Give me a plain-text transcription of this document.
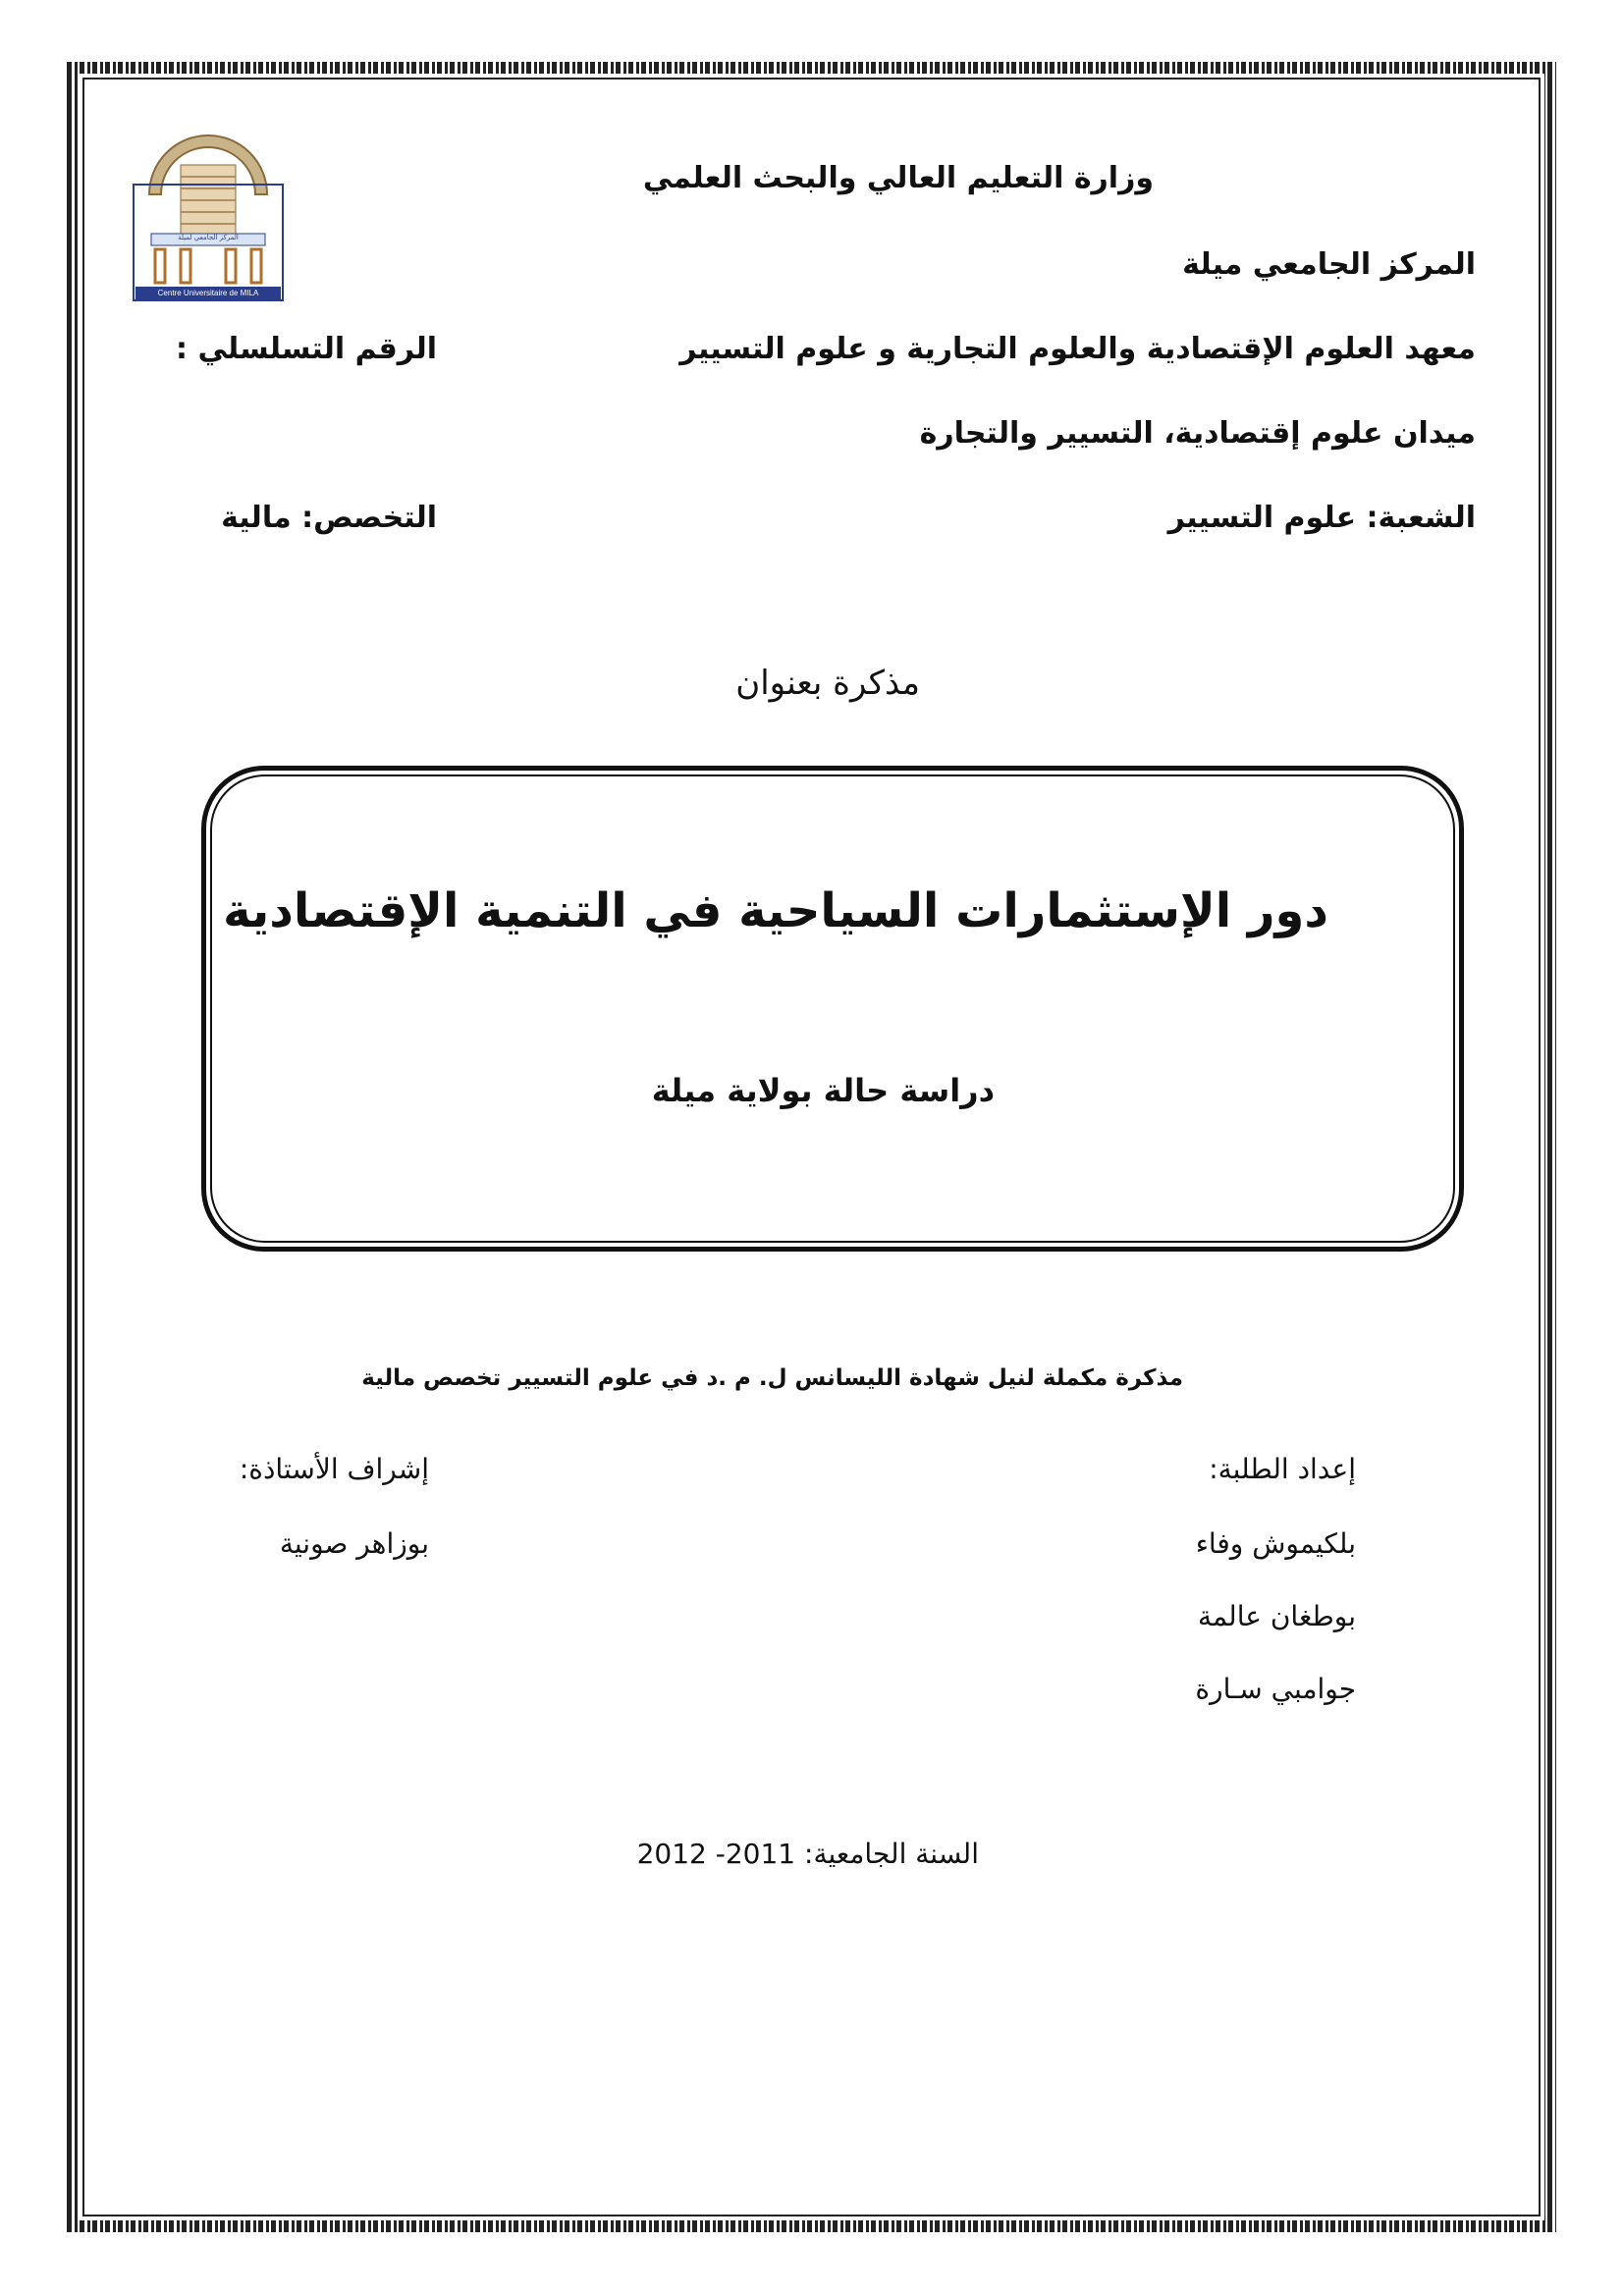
المركز الجامعي لميلة
Centre Universitaire de MILA
وزارة التعليم العالي والبحث العلمي
المركز الجامعي ميلة
معهد العلوم الإقتصادية والعلوم التجارية و علوم التسيير
الرقم التسلسلي :
ميدان علوم إقتصادية، التسيير والتجارة
الشعبة: علوم التسيير
التخصص: مالية
مذكرة بعنوان
دور الإستثمارات السياحية في التنمية الإقتصادية
دراسة حالة بولاية ميلة
مذكرة مكملة لنيل شهادة الليسانس ل. م .د في علوم التسيير تخصص مالية
إعداد الطلبة:
بلكيموش وفاء
بوطغان عالمة
جوامبي سـارة
إشراف الأستاذة:
بوزاهر صونية
السنة الجامعية: 2011- 2012
